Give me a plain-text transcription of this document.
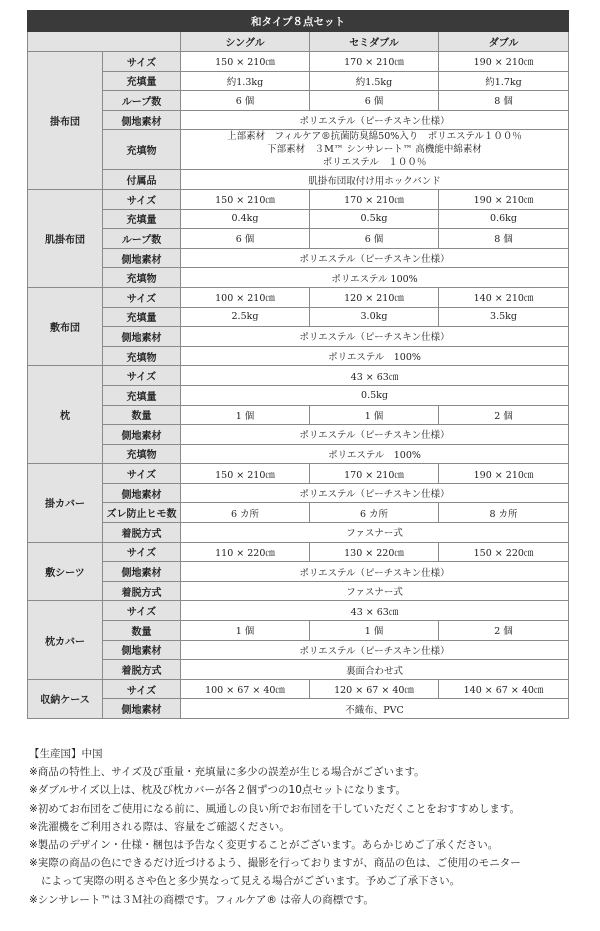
和タイプ８点セット				
		シングル	セミダブル	ダブル
掛布団	サイズ	150 × 210㎝	170 × 210㎝	190 × 210㎝
	充填量	約1.3kg	約1.5kg	約1.7kg
	ループ数	6 個	6 個	8 個
	側地素材	ポリエステル（ピーチスキン仕様）		
	充填物	上部素材　フィルケア®抗菌防臭綿50%入り　ポリエステル１００％
下部素材　３M™ シンサレート™ 高機能中綿素材
ポリエステル　１００％		

	付属品	肌掛布団取付け用ホックバンド		
肌掛布団	サイズ	150 × 210㎝	170 × 210㎝	190 × 210㎝
	充填量	0.4kg	0.5kg	0.6kg
	ループ数	6 個	6 個	8 個
	側地素材	ポリエステル（ピーチスキン仕様）		
	充填物	ポリエステル 100%		
敷布団	サイズ	100 × 210㎝	120 × 210㎝	140 × 210㎝
	充填量	2.5kg	3.0kg	3.5kg
	側地素材	ポリエステル（ピーチスキン仕様）		
	充填物	ポリエステル　100%		
枕	サイズ	43 × 63㎝		
	充填量	0.5kg		
	数量	1 個	1 個	2 個
	側地素材	ポリエステル（ピーチスキン仕様）		
	充填物	ポリエステル　100%		
掛カバー	サイズ	150 × 210㎝	170 × 210㎝	190 × 210㎝
	側地素材	ポリエステル（ピーチスキン仕様）		
	ズレ防止ヒモ数	6 カ所	6 カ所	8 カ所
	着脱方式	ファスナー式		
敷シーツ	サイズ	110 × 220㎝	130 × 220㎝	150 × 220㎝
	側地素材	ポリエステル（ピーチスキン仕様）		
	着脱方式	ファスナー式		
枕カバー	サイズ	43 × 63㎝		
	数量	1 個	1 個	2 個
	側地素材	ポリエステル（ピーチスキン仕様）		
	着脱方式	裏面合わせ式		
収納ケース	サイズ	100 × 67 × 40㎝	120 × 67 × 40㎝	140 × 67 × 40㎝
	側地素材	不織布、PVC		
【生産国】中国
※商品の特性上、サイズ及び重量・充填量に多少の誤差が生じる場合がございます。
※ダブルサイズ以上は、枕及び枕カバーが各２個ずつの10点セットになります。
※初めてお布団をご使用になる前に、風通しの良い所でお布団を干していただくことをおすすめします。
※洗濯機をご利用される際は、容量をご確認ください。
※製品のデザイン・仕様・梱包は予告なく変更することがございます。あらかじめご了承ください。
※実際の商品の色にできるだけ近づけるよう、撮影を行っておりますが、商品の色は、ご使用のモニター
によって実際の明るさや色と多少異なって見える場合がございます。予めご了承下さい。
※シンサレート™は３Ｍ社の商標です。フィルケア® は帝人の商標です。
